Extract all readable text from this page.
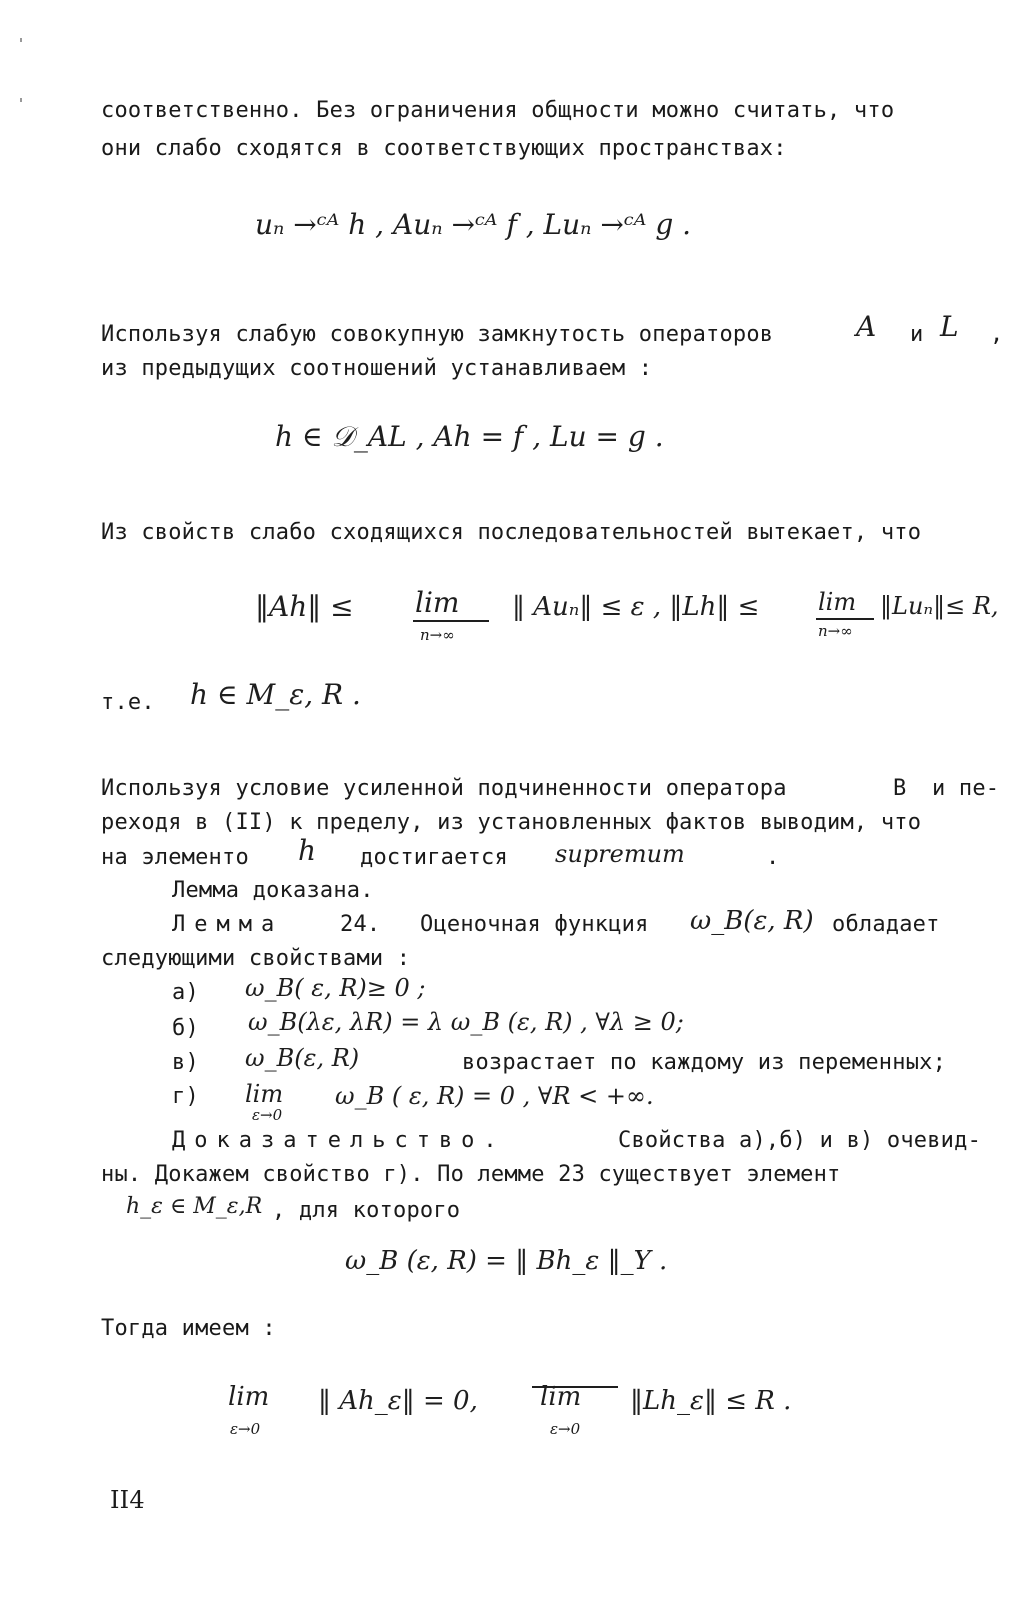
соответственно. Без ограничения общности можно считать, что
они слабо сходятся в соответствующих пространствах:
uₙ →ᶜᴬ h , Auₙ →ᶜᴬ f , Luₙ →ᶜᴬ g .
Используя слабую совокупную замкнутость операторов	A и L ,
из предыдущих соотношений устанавливаем :
h ∈ 𝒟_AL , Ah = f , Lu = g .
Из свойств слабо сходящихся последовательностей вытекает, что
‖Ah‖ ≤ lim
n→∞
‖ Auₙ‖ ≤ ε , ‖Lh‖ ≤ lim
n→∞
‖Luₙ‖≤ R,
т.е. h ∈ M_ε, R .
Используя условие усиленной подчиненности оператора	В и пе-
реходя в (II) к пределу, из установленных фактов выводим, что
на элементо h достигается supremum	.
Лемма доказана.
Лемма	24. Оценочная функция ω_B(ε, R) обладает
следующими свойствами :
а) ω_B( ε, R)≥ 0 ;
б) ω_B(λε, λR) = λ ω_B (ε, R) , ∀λ ≥ 0;
в) ω_B(ε, R)	возрастает по каждому из переменных;
г) lim
ε→0
ω_B ( ε, R) = 0 , ∀R < +∞.
Доказательство.	Свойства а),б) и в) очевид-
ны. Докажем свойство г). По лемме 23 существует элемент
h_ε ∈ M_ε,R , для которого
ω_B (ε, R) = ‖ Bh_ε ‖_Y .
Тогда имеем :
lim
ε→0
‖ Ah_ε‖ = 0, lim
ε→0
‖Lh_ε‖ ≤ R .
II4
